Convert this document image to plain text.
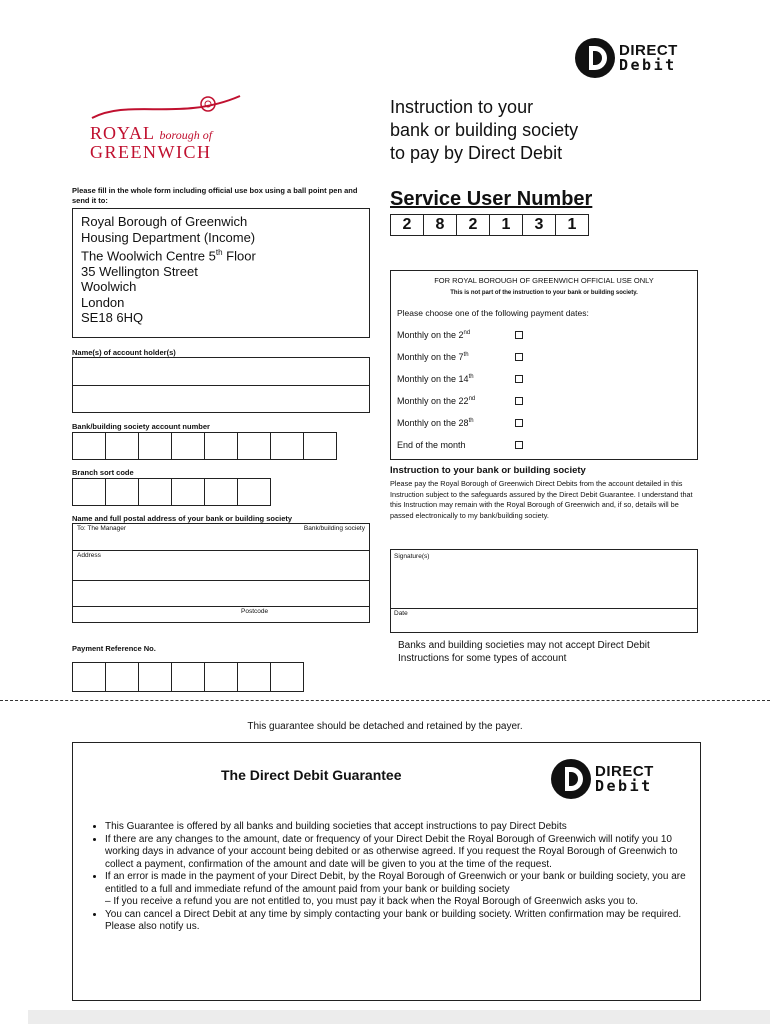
DIRECT
Debit
ROYAL borough of
GREENWICH
Instruction to your
bank or building society
to pay by Direct Debit
Please fill in the whole form including official use box using a ball point pen and send it to:
Royal Borough of Greenwich
Housing Department (Income)
The Woolwich Centre 5th Floor
35 Wellington Street
Woolwich
London
SE18 6HQ
Service User Number
2	8	2	1	3	1
FOR ROYAL BOROUGH OF GREENWICH OFFICIAL USE ONLY
This is not part of the instruction to your bank or building society.
Please choose one of the following payment dates:
Monthly on the 2nd
Monthly on the 7th
Monthly on the 14th
Monthly on the 22nd
Monthly on the 28th
End of the month
Name(s) of account holder(s)
Bank/building society account number
Branch sort code
Name and full postal address of your bank or building society
To: The Manager	Bank/building society
Address
Postcode
Payment Reference No.
Instruction to your bank or building society
Please pay the Royal Borough of Greenwich Direct Debits from the account detailed in this Instruction subject to the safeguards assured by the Direct Debit Guarantee. I understand that this Instruction may remain with the Royal Borough of Greenwich and, if so, details will be passed electronically to my bank/building society.
Signature(s)
Date
Banks and building societies may not accept Direct Debit Instructions for some types of account
This guarantee should be detached and retained by the payer.
The Direct Debit Guarantee	DIRECT
Debit
• This Guarantee is offered by all banks and building societies that accept instructions to pay Direct Debits
• If there are any changes to the amount, date or frequency of your Direct Debit the Royal Borough of Greenwich will notify you 10 working days in advance of your account being debited or as otherwise agreed. If you request the Royal Borough of Greenwich to collect a payment, confirmation of the amount and date will be given to you at the time of the request.
• If an error is made in the payment of your Direct Debit, by the Royal Borough of Greenwich or your bank or building society, you are entitled to a full and immediate refund of the amount paid from your bank or building society
– If you receive a refund you are not entitled to, you must pay it back when the Royal Borough of Greenwich asks you to.
• You can cancel a Direct Debit at any time by simply contacting your bank or building society. Written confirmation may be required. Please also notify us.
